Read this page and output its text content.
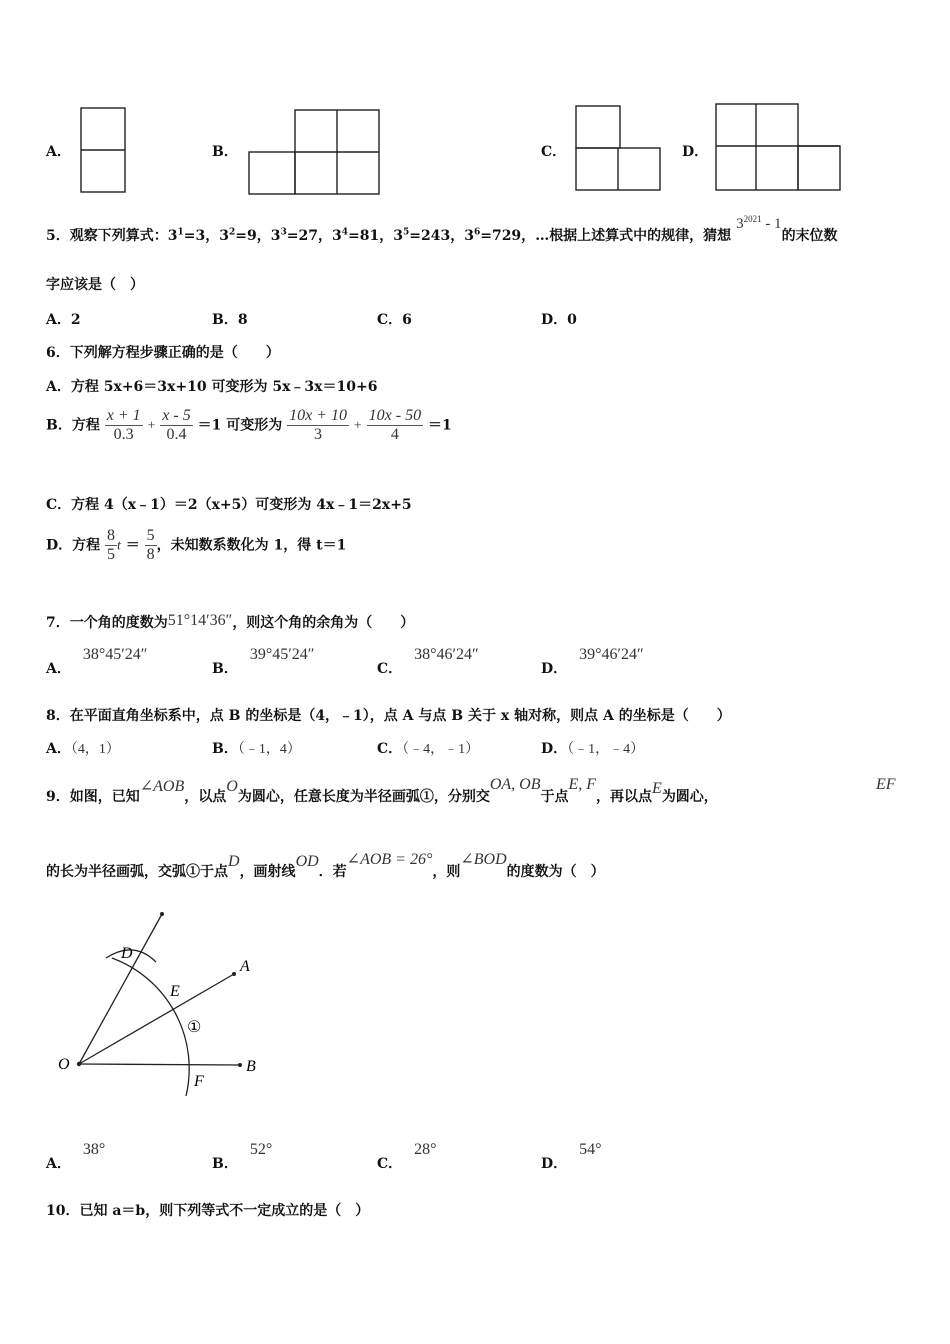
A．	B．	C．	D．
5．观察下列算式：$3^1=3$，$3^2=9$，$3^3=27$，$3^4=81$，$3^5=243$，$3^6=729$，…根据上述算式中的规律，猜想 $3^{2021} - 1$的末位数
字应该是（　）
A．2	B．8	C．6	D．0
6．下列解方程步骤正确的是（　　）
A．方程 5x+6＝3x+10 可变形为 5x﹣3x＝10+6
B．方程 $\frac{x + 1}{0.3} + \frac{x - 5}{0.4} =1$ 可变形为 $\frac{10x + 10}{3} + \frac{10x - 50}{4} =1$
C．方程 4（x﹣1）＝2（x+5）可变形为 4x﹣1＝2x+5
D．方程 $\frac{8}{5}$ $t = \frac{5}{8}$ ，未知数系数化为 1，得 t＝1
7．一个角的度数为51°14′36″，则这个角的余角为（　　）
A．38°45′24″
B．39°45′24″
C．38°46′24″
D．39°46′24″
8．在平面直角坐标系中，点 B 的坐标是（4，﹣1），点 A 与点 B 关于 x 轴对称，则点 A 的坐标是（　　）
A．（4，1）	B．（﹣1，4）	C．（﹣4，﹣1）	D．（﹣1，﹣4）
9．如图，已知∠AOB，以点O为圆心，任意长度为半径画弧①，分别交OA, OB于点E, F，再以点E为圆心，
EF
的长为半径画弧，交弧①于点D，画射线OD．若∠AOB = 26°，则∠BOD的度数为（　）
O
A
B
D
E
F
①
A．38°
B．52°
C．28°
D．54°
10．已知 a＝b，则下列等式不一定成立的是（　）
